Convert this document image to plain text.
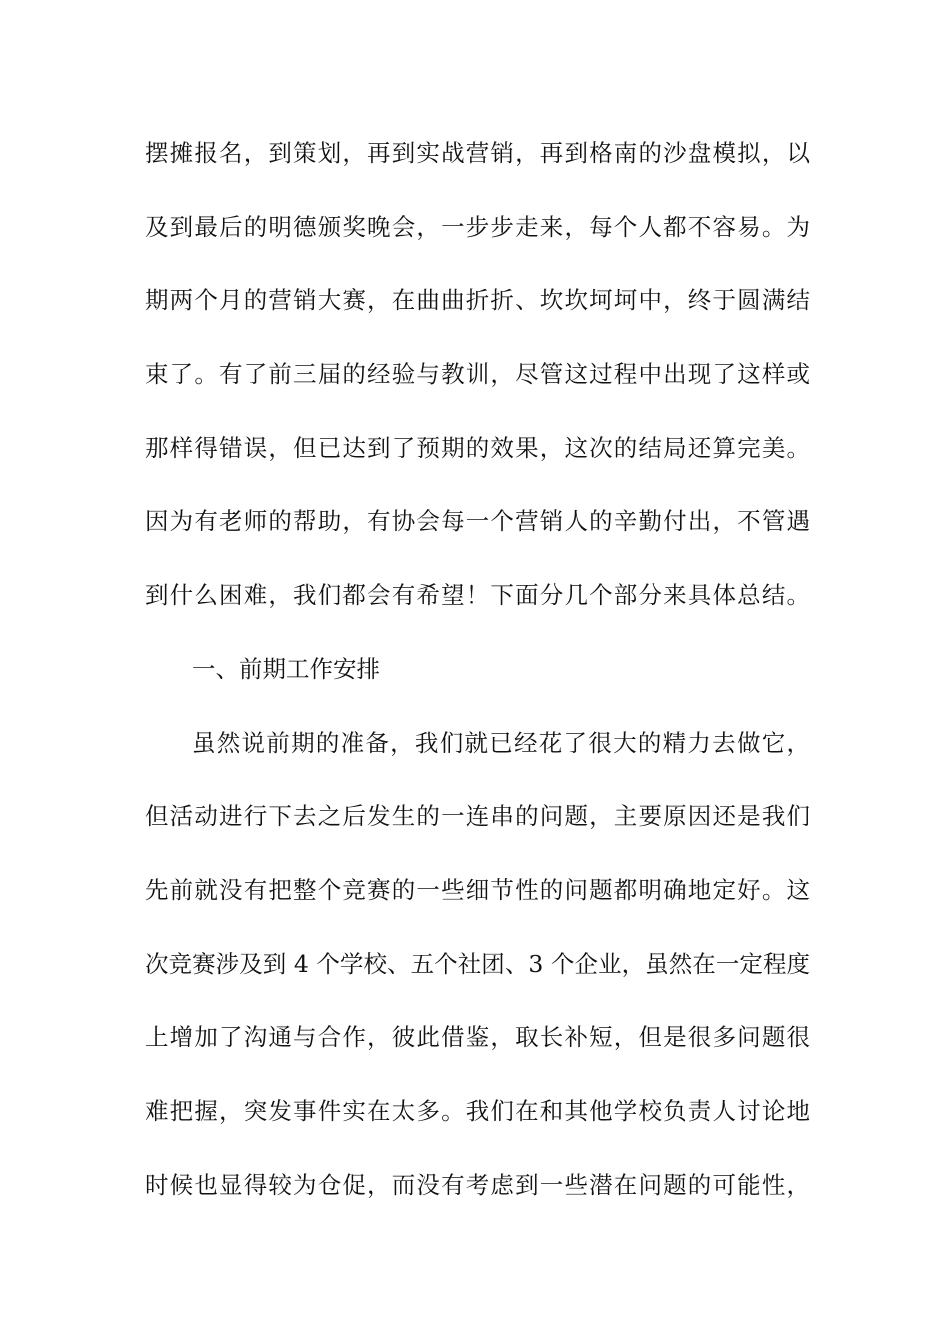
摆摊报名，到策划，再到实战营销，再到格南的沙盘模拟，以
及到最后的明德颁奖晚会，一步步走来，每个人都不容易。为
期两个月的营销大赛，在曲曲折折、坎坎坷坷中，终于圆满结
束了。有了前三届的经验与教训，尽管这过程中出现了这样或
那样得错误，但已达到了预期的效果，这次的结局还算完美。
因为有老师的帮助，有协会每一个营销人的辛勤付出，不管遇
到什么困难，我们都会有希望！下面分几个部分来具体总结。
一、前期工作安排
虽然说前期的准备，我们就已经花了很大的精力去做它，
但活动进行下去之后发生的一连串的问题，主要原因还是我们
先前就没有把整个竞赛的一些细节性的问题都明确地定好。这
次竞赛涉及到 4 个学校、五个社团、3 个企业，虽然在一定程度
上增加了沟通与合作，彼此借鉴，取长补短，但是很多问题很
难把握，突发事件实在太多。我们在和其他学校负责人讨论地
时候也显得较为仓促，而没有考虑到一些潜在问题的可能性，
